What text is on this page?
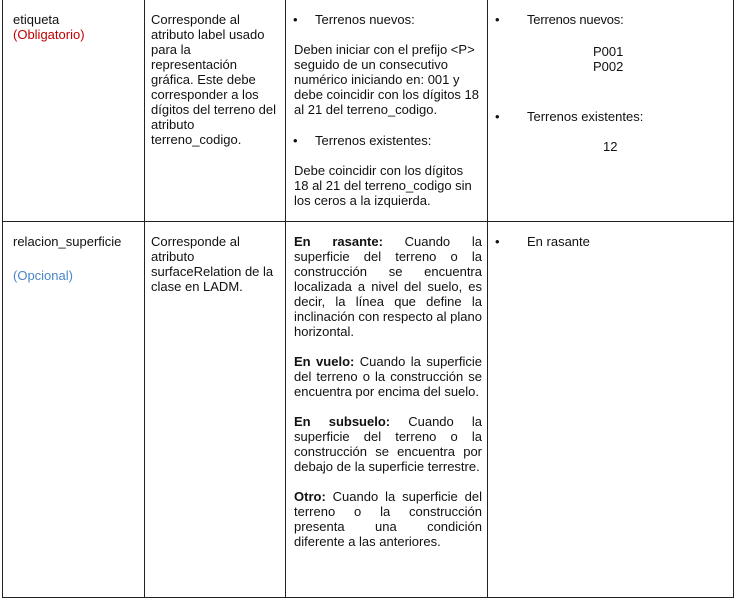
etiqueta

(Obligatorio)

Corresponde al atributo label usado para la representación gráfica. Este debe corresponder a los dígitos del terreno del atributo terreno_codigo.

• Terrenos nuevos:

Deben iniciar con el prefijo <P> seguido de un consecutivo numérico iniciando en: 001 y debe coincidir con los dígitos 18 al 21 del terreno_codigo.

• Terrenos existentes:

Debe coincidir con los dígitos 18 al 21 del terreno_codigo sin los ceros a la izquierda.

• Terrenos nuevos:

P001

P002

• Terrenos existentes:

12

relacion_superficie

(Opcional)

Corresponde al atributo surfaceRelation de la clase en LADM.

En rasante: Cuando la superficie del terreno o la construcción se encuentra localizada a nivel del suelo, es decir, la línea que define la inclinación con respecto al plano horizontal.

En vuelo: Cuando la superficie del terreno o la construcción se encuentra por encima del suelo.

En subsuelo: Cuando la superficie del terreno o la construcción se encuentra por debajo de la superficie terrestre.

Otro: Cuando la superficie del terreno o la construcción presenta una condición diferente a las anteriores.

• En rasante
